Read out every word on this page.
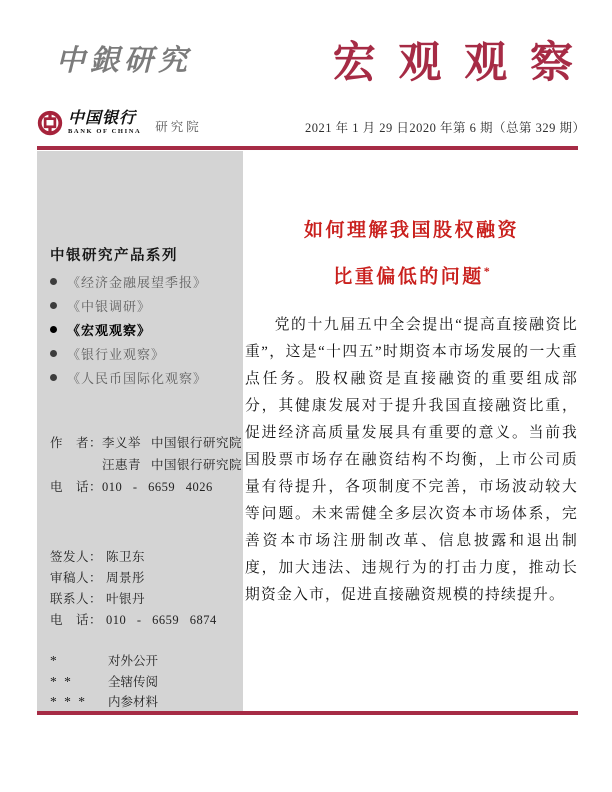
中銀研究	宏 观 观 察
中国银行
BANK OF CHINA 研究院	2021 年 1 月 29 日 2020 年第 6 期（总第 329 期）
中银研究产品系列
《经济金融展望季报》
《中银调研》
《宏观观察》
《银行业观察》
《人民币国际化观察》
作　者： 李义举 中国银行研究院
汪惠青 中国银行研究院
电　话： 010 - 6659 4026
签发人： 陈卫东
审稿人： 周景彤
联系人： 叶银丹
电　话： 010 - 6659 6874
*	对外公开
* *	全辖传阅
* * *	内参材料
如何理解我国股权融资
比重偏低的问题*
党的十九届五中全会提出“提高直接融资比重”，这是“十四五”时期资本市场发展的一大重点任务。股权融资是直接融资的重要组成部分，其健康发展对于提升我国直接融资比重，促进经济高质量发展具有重要的意义。当前我国股票市场存在融资结构不均衡，上市公司质量有待提升，各项制度不完善，市场波动较大等问题。未来需健全多层次资本市场体系，完善资本市场注册制改革、信息披露和退出制度，加大违法、违规行为的打击力度，推动长期资金入市，促进直接融资规模的持续提升。
